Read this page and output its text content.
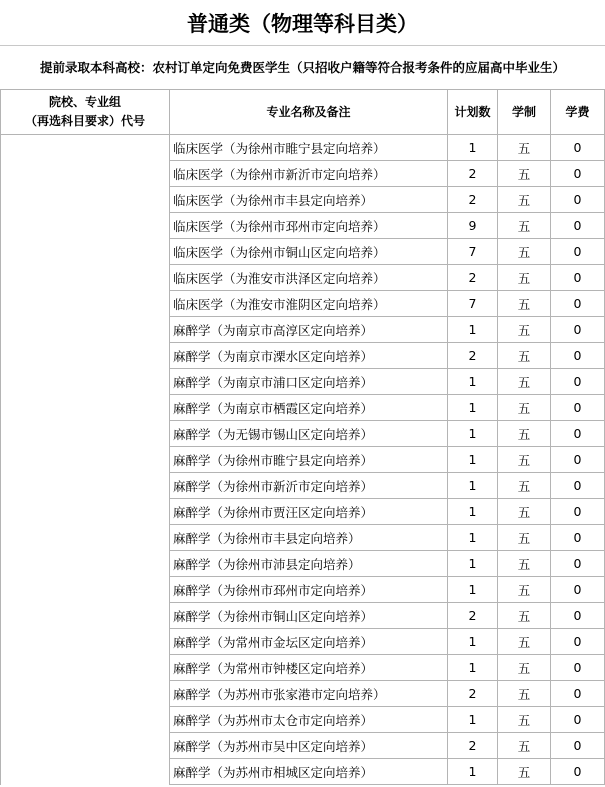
普通类（物理等科目类）
提前录取本科高校：农村订单定向免费医学生（只招收户籍等符合报考条件的应届高中毕业生）
院校、专业组
（再选科目要求）代号	专业名称及备注	计划数	学制	学费
	临床医学（为徐州市睢宁县定向培养）	1	五	0
	临床医学（为徐州市新沂市定向培养）	2	五	0
	临床医学（为徐州市丰县定向培养）	2	五	0
	临床医学（为徐州市邳州市定向培养）	9	五	0
	临床医学（为徐州市铜山区定向培养）	7	五	0
	临床医学（为淮安市洪泽区定向培养）	2	五	0
	临床医学（为淮安市淮阴区定向培养）	7	五	0
	麻醉学（为南京市高淳区定向培养）	1	五	0
	麻醉学（为南京市溧水区定向培养）	2	五	0
	麻醉学（为南京市浦口区定向培养）	1	五	0
	麻醉学（为南京市栖霞区定向培养）	1	五	0
	麻醉学（为无锡市锡山区定向培养）	1	五	0
	麻醉学（为徐州市睢宁县定向培养）	1	五	0
	麻醉学（为徐州市新沂市定向培养）	1	五	0
	麻醉学（为徐州市贾汪区定向培养）	1	五	0
	麻醉学（为徐州市丰县定向培养）	1	五	0
	麻醉学（为徐州市沛县定向培养）	1	五	0
	麻醉学（为徐州市邳州市定向培养）	1	五	0
	麻醉学（为徐州市铜山区定向培养）	2	五	0
	麻醉学（为常州市金坛区定向培养）	1	五	0
	麻醉学（为常州市钟楼区定向培养）	1	五	0
	麻醉学（为苏州市张家港市定向培养）	2	五	0
	麻醉学（为苏州市太仓市定向培养）	1	五	0
	麻醉学（为苏州市吴中区定向培养）	2	五	0
	麻醉学（为苏州市相城区定向培养）	1	五	0
